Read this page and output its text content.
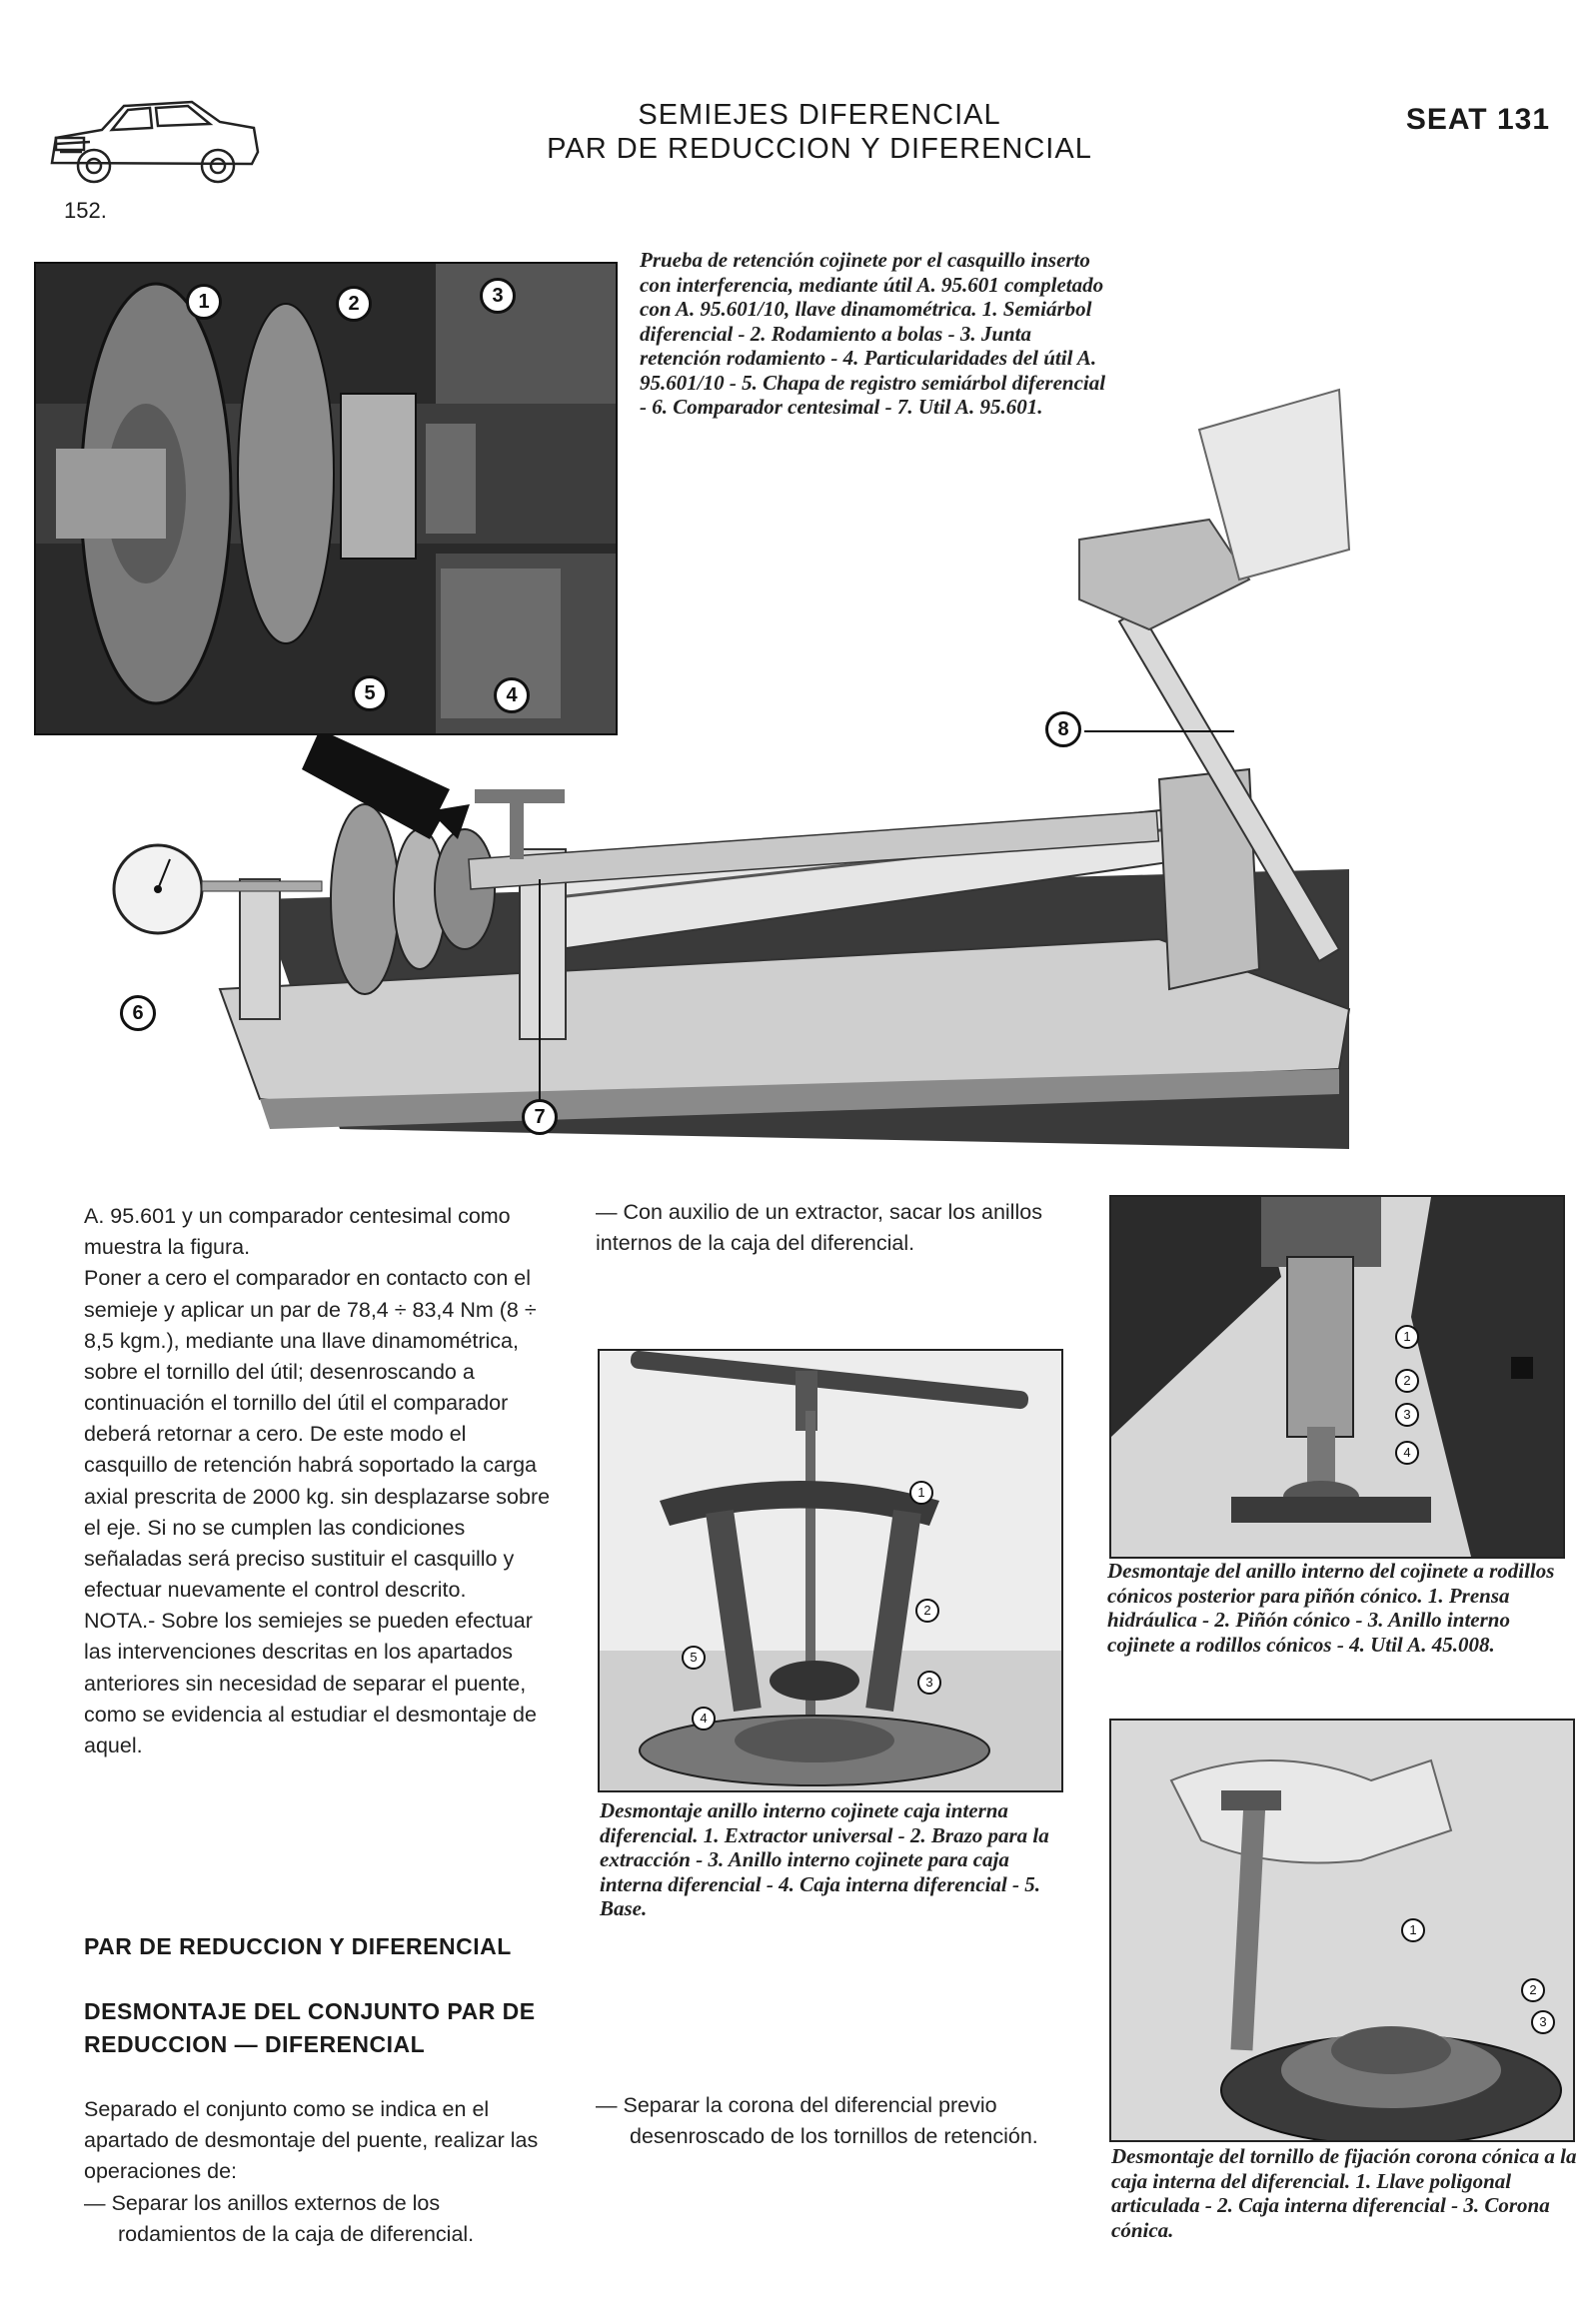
SEMIEJES DIFERENCIAL
PAR DE REDUCCION Y DIFERENCIAL
SEAT 131
152.
1	2	3
5	4
6
7
8
Prueba de retención cojinete por el casquillo inserto con interferencia, mediante útil A. 95.601 completado con A. 95.601/10, llave dinamométrica. 1. Semiárbol diferencial - 2. Rodamiento a bolas - 3. Junta retención rodamiento - 4. Particularidades del útil A. 95.601/10 - 5. Chapa de registro semiárbol diferencial - 6. Comparador centesimal - 7. Util A. 95.601.

A. 95.601 y un comparador centesimal como muestra la figura.

Poner a cero el comparador en contacto con el semieje y aplicar un par de 78,4 ÷ 83,4 Nm (8 ÷ 8,5 kgm.), mediante una llave dinamométrica, sobre el tornillo del útil; desenroscando a continuación el tornillo del útil el comparador deberá retornar a cero. De este modo el casquillo de retención habrá soportado la carga axial prescrita de 2000 kg. sin desplazarse sobre el eje. Si no se cumplen las condiciones señaladas será preciso sustituir el casquillo y efectuar nuevamente el control descrito.

NOTA.- Sobre los semiejes se pueden efectuar las intervenciones descritas en los apartados anteriores sin necesidad de separar el puente, como se evidencia al estudiar el desmontaje de aquel.

PAR DE REDUCCION Y DIFERENCIAL
DESMONTAJE DEL CONJUNTO PAR DE REDUCCION — DIFERENCIAL

Separado el conjunto como se indica en el apartado de desmontaje del puente, realizar las operaciones de:

— Separar los anillos externos de los rodamientos de la caja de diferencial.

— Con auxilio de un extractor, sacar los anillos internos de la caja del diferencial.
1
2
3
4
5
Desmontaje anillo interno cojinete caja interna diferencial. 1. Extractor universal - 2. Brazo para la extracción - 3. Anillo interno cojinete para caja interna diferencial - 4. Caja interna diferencial - 5. Base.
— Separar la corona del diferencial previo desenroscado de los tornillos de retención.
1
2
3
4
Desmontaje del anillo interno del cojinete a rodillos cónicos posterior para piñón cónico. 1. Prensa hidráulica - 2. Piñón cónico - 3. Anillo interno cojinete a rodillos cónicos - 4. Util A. 45.008.
1
2
3
Desmontaje del tornillo de fijación corona cónica a la caja interna del diferencial. 1. Llave poligonal articulada - 2. Caja interna diferencial - 3. Corona cónica.
